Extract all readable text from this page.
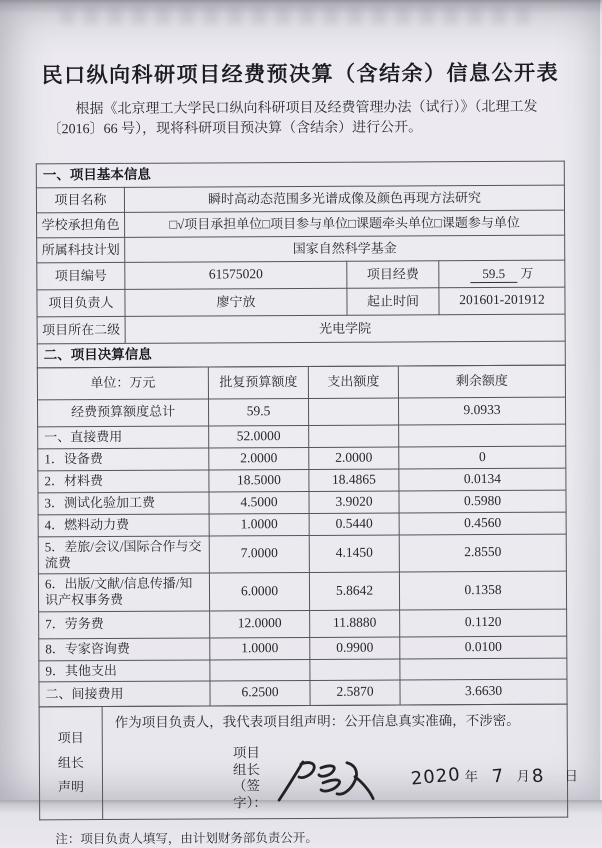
民口纵向科研项目经费预决算（含结余）信息公开表
根据《北京理工大学民口纵向科研项目及经费管理办法（试行）》（北理工发〔2016〕66 号），现将科研项目预决算（含结余）进行公开。
一、项目基本信息			
项目名称	瞬时高动态范围多光谱成像及颜色再现方法研究		
学校承担角色	□√项目承担单位□项目参与单位□课题牵头单位□课题参与单位		
所属科技计划	国家自然科学基金		
项目编号	61575020	项目经费	59.5 万
项目负责人	廖宁放	起止时间	201601-201912
项目所在二级	光电学院		
二、项目决算信息			
单位：万元	批复预算额度	支出额度	剩余额度
经费预算额度总计	59.5		9.0933
一、直接费用	52.0000		
1．设备费	2.0000	2.0000	0
2．材料费	18.5000	18.4865	0.0134
3．测试化验加工费	4.5000	3.9020	0.5980
4．燃料动力费	1.0000	0.5440	0.4560
5．差旅/会议/国际合作与交流费	7.0000	4.1450	2.8550
6．出版/文献/信息传播/知识产权事务费	6.0000	5.8642	0.1358
7．劳务费	12.0000	11.8880	0.1120
8．专家咨询费	1.0000	0.9900	0.0100
9．其他支出			
二、间接费用	6.2500	2.5870	3.6630
项目
组长
声明

作为项目负责人，我代表项目组声明：公开信息真实准确，不涉密。
项目组长（签字）：
2020 年 7 月 8 日
注：项目负责人填写，由计划财务部负责公开。
